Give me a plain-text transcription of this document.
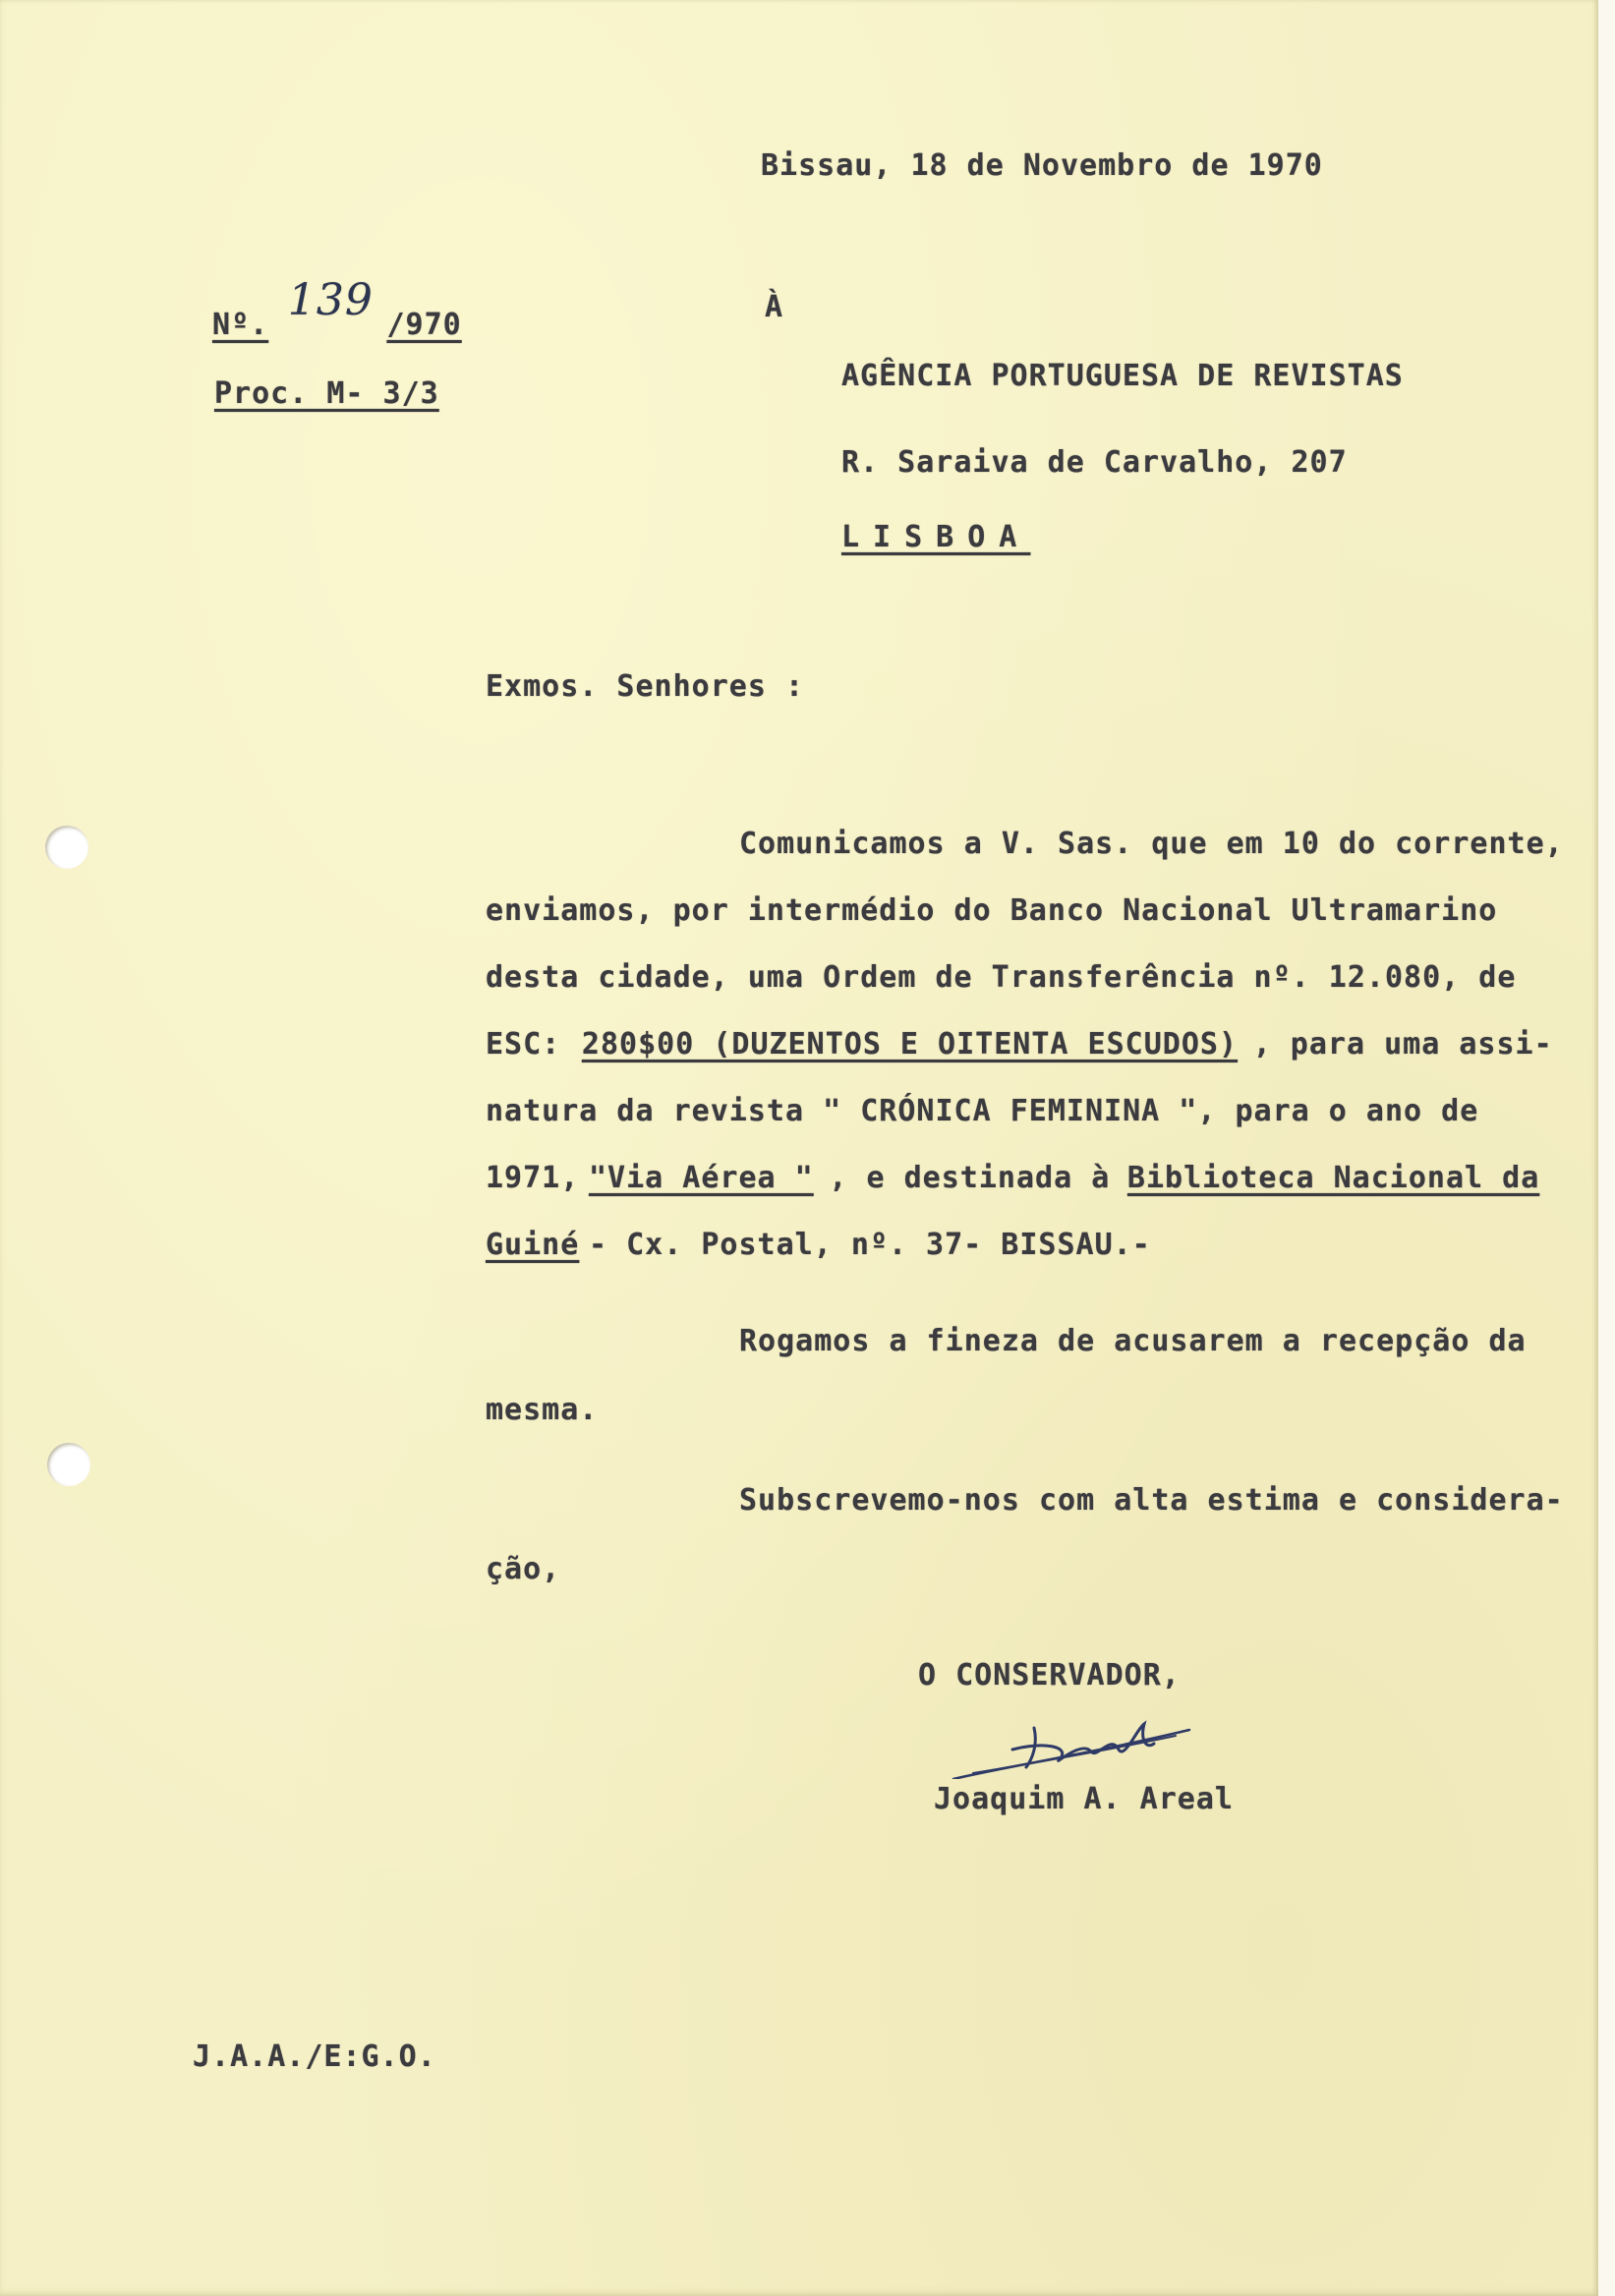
Bissau, 18 de Novembro de 1970

Nº. 139 /970

Proc. M- 3/3

À

AGÊNCIA PORTUGUESA DE REVISTAS

R. Saraiva de Carvalho, 207

LISBOA

Exmos. Senhores :

Comunicamos a V. Sas. que em 10 do corrente,

enviamos, por intermédio do Banco Nacional Ultramarino

desta cidade, uma Ordem de Transferência nº. 12.080, de

ESC: 280$00 (DUZENTOS E OITENTA ESCUDOS) , para uma assi-

natura da revista " CRÓNICA FEMININA ", para o ano de

1971, "Via Aérea " , e destinada à Biblioteca Nacional da
Guiné - Cx. Postal, nº. 37- BISSAU.-

Rogamos a fineza de acusarem a recepção da

mesma.

Subscrevemo-nos com alta estima e considera-

ção,

O CONSERVADOR,

Joaquim A. Areal

J.A.A./E:G.O.
